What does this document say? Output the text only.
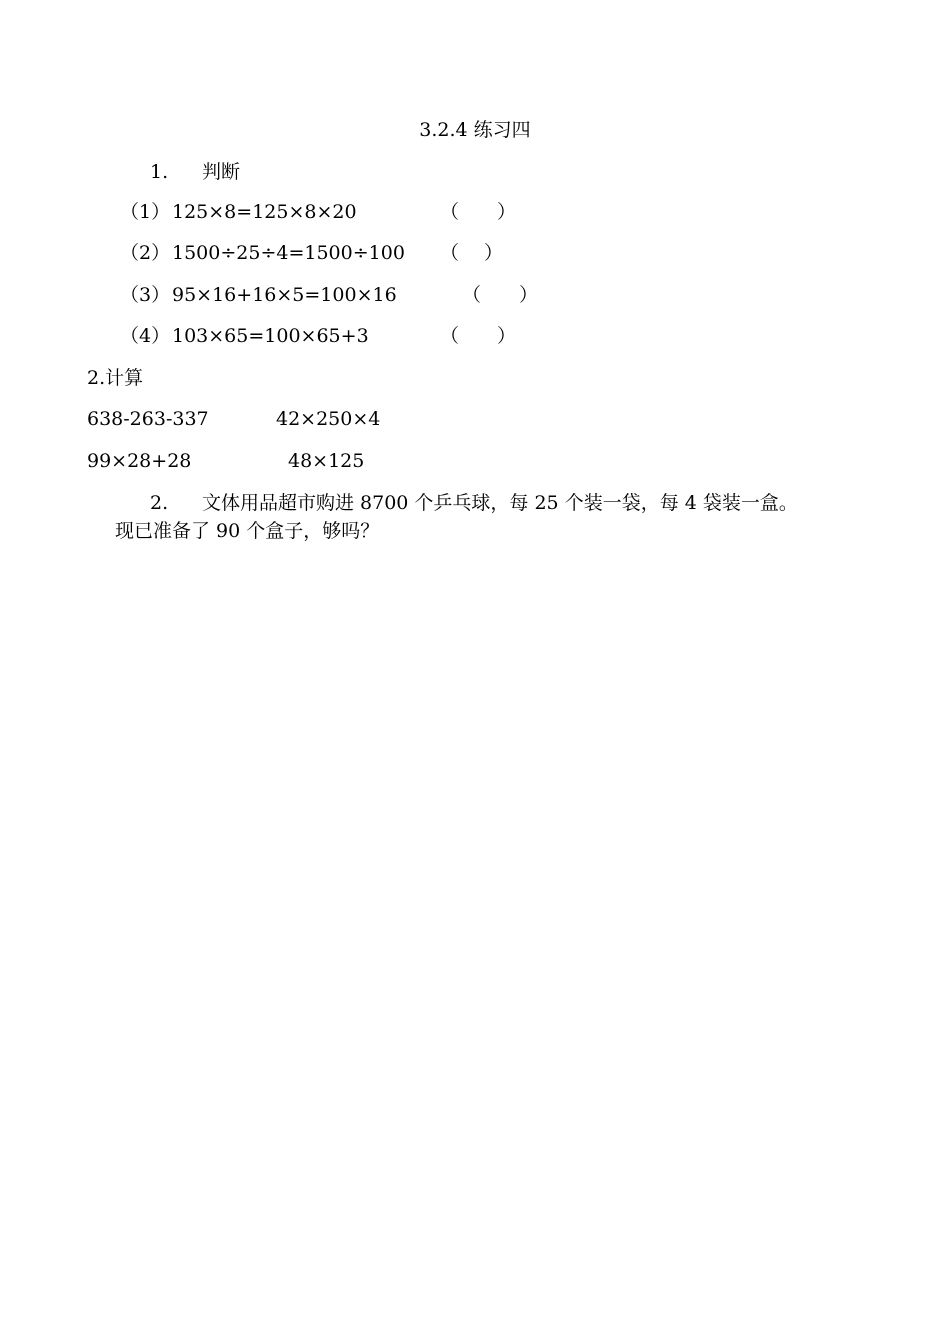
3.2.4 练习四
1. 判断
（1） 125×8=125×8×20	（　　）
（2） 1500÷25÷4=1500÷100 （　 ）
（3） 95×16+16×5=100×16	（　　）
（4） 103×65=100×65+3	（　　）
2.计算
638-263-337	42×250×4
99×28+28	48×125
2. 文体用品超市购进 8700 个乒乓球，每 25 个装一袋，每 4 袋装一盒。
现已准备了 90 个盒子，够吗？
